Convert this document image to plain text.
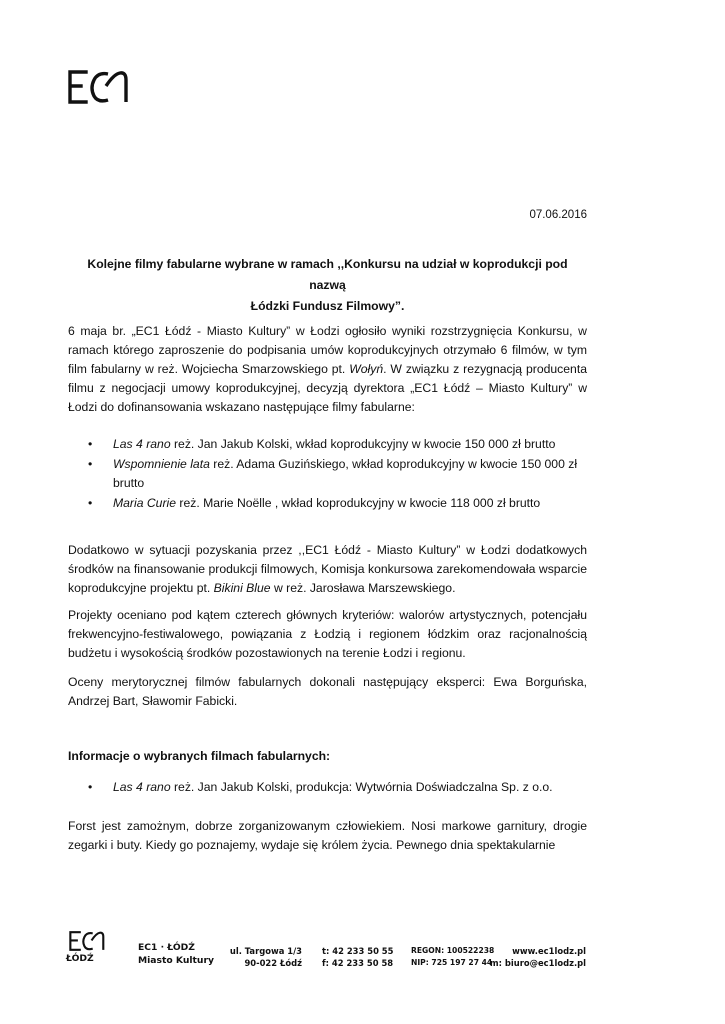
07.06.2016
Kolejne filmy fabularne wybrane w ramach ,,Konkursu na udział w koprodukcji pod nazwą
Łódzki Fundusz Filmowy”.

6 maja br. „EC1 Łódź - Miasto Kultury” w Łodzi ogłosiło wyniki rozstrzygnięcia Konkursu, w ramach którego zaproszenie do podpisania umów koprodukcyjnych otrzymało 6 filmów, w tym film fabularny w reż. Wojciecha Smarzowskiego pt. Wołyń. W związku z rezygnacją producenta filmu z negocjacji umowy koprodukcyjnej, decyzją dyrektora „EC1 Łódź – Miasto Kultury” w Łodzi do dofinansowania wskazano następujące filmy fabularne:

• Las 4 rano reż. Jan Jakub Kolski, wkład koprodukcyjny w kwocie 150 000 zł brutto
• Wspomnienie lata reż. Adama Guzińskiego, wkład koprodukcyjny w kwocie 150 000 zł brutto
• Maria Curie reż. Marie Noëlle , wkład koprodukcyjny w kwocie 118 000 zł brutto

Dodatkowo w sytuacji pozyskania przez ,,EC1 Łódź - Miasto Kultury” w Łodzi dodatkowych środków na finansowanie produkcji filmowych, Komisja konkursowa zarekomendowała wsparcie koprodukcyjne projektu pt. Bikini Blue w reż. Jarosława Marszewskiego.

Projekty oceniano pod kątem czterech głównych kryteriów: walorów artystycznych, potencjału frekwencyjno-festiwalowego, powiązania z Łodzią i regionem łódzkim oraz racjonalnością budżetu i wysokością środków pozostawionych na terenie Łodzi i regionu.

Oceny merytorycznej filmów fabularnych dokonali następujący eksperci: Ewa Borguńska, Andrzej Bart, Sławomir Fabicki.

Informacje o wybranych filmach fabularnych:
• Las 4 rano reż. Jan Jakub Kolski, produkcja: Wytwórnia Doświadczalna Sp. z o.o.

Forst jest zamożnym, dobrze zorganizowanym człowiekiem. Nosi markowe garnitury, drogie zegarki i buty. Kiedy go poznajemy, wydaje się królem życia. Pewnego dnia spektakularnie

ŁÓDŹ
EC1 · ŁÓDŹ
Miasto Kultury
ul. Targowa 1/3
90-022 Łódź
t: 42 233 50 55
f: 42 233 50 58
REGON: 100522238
NIP: 725 197 27 44
www.ec1lodz.pl
m: biuro@ec1lodz.pl
